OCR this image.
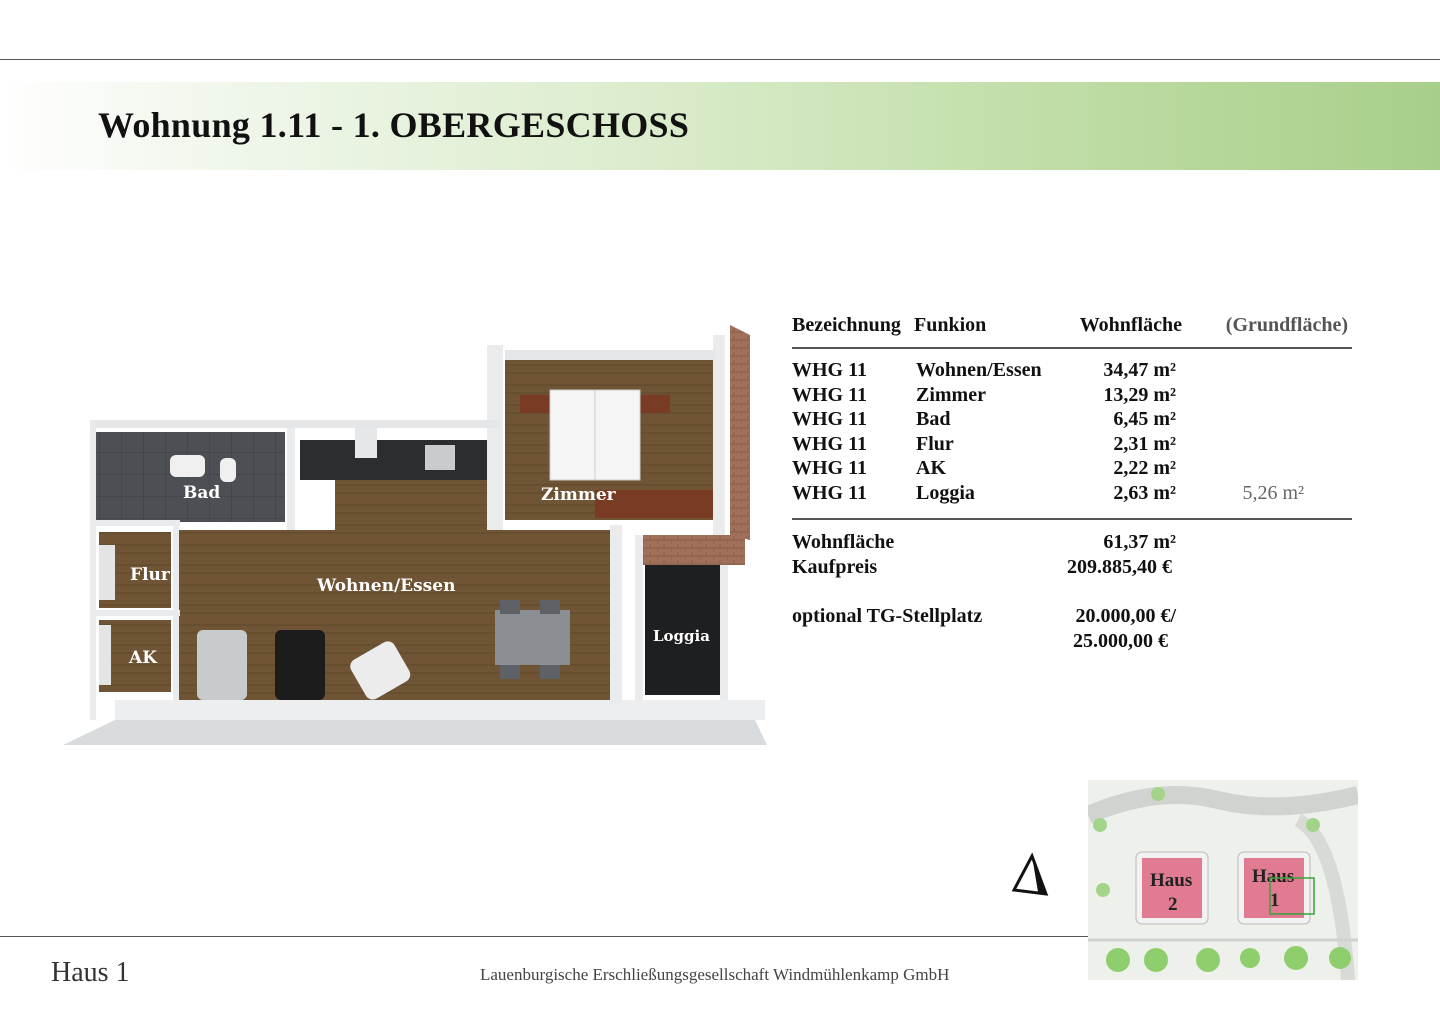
Wohnung 1.11 - 1. OBERGESCHOSS
Bad	Zimmer
Flur
Wohnen/Essen
AK
Loggia
Bezeichnung Funkion	Wohnfläche (Grundfläche)
WHG 11 Wohnen/Essen	34,47 m²
WHG 11 Zimmer	13,29 m²
WHG 11 Bad	6,45 m²
WHG 11 Flur	2,31 m²
WHG 11 AK	2,22 m²
WHG 11 Loggia	2,63 m²	5,26 m²
Wohnfläche	61,37 m²
Kaufpreis	209.885,40 €
optional TG-Stellplatz	20.000,00 €/
25.000,00 €
Haus
2
Haus
1
Haus 1	Lauenburgische Erschließungsgesellschaft Windmühlenkamp GmbH
